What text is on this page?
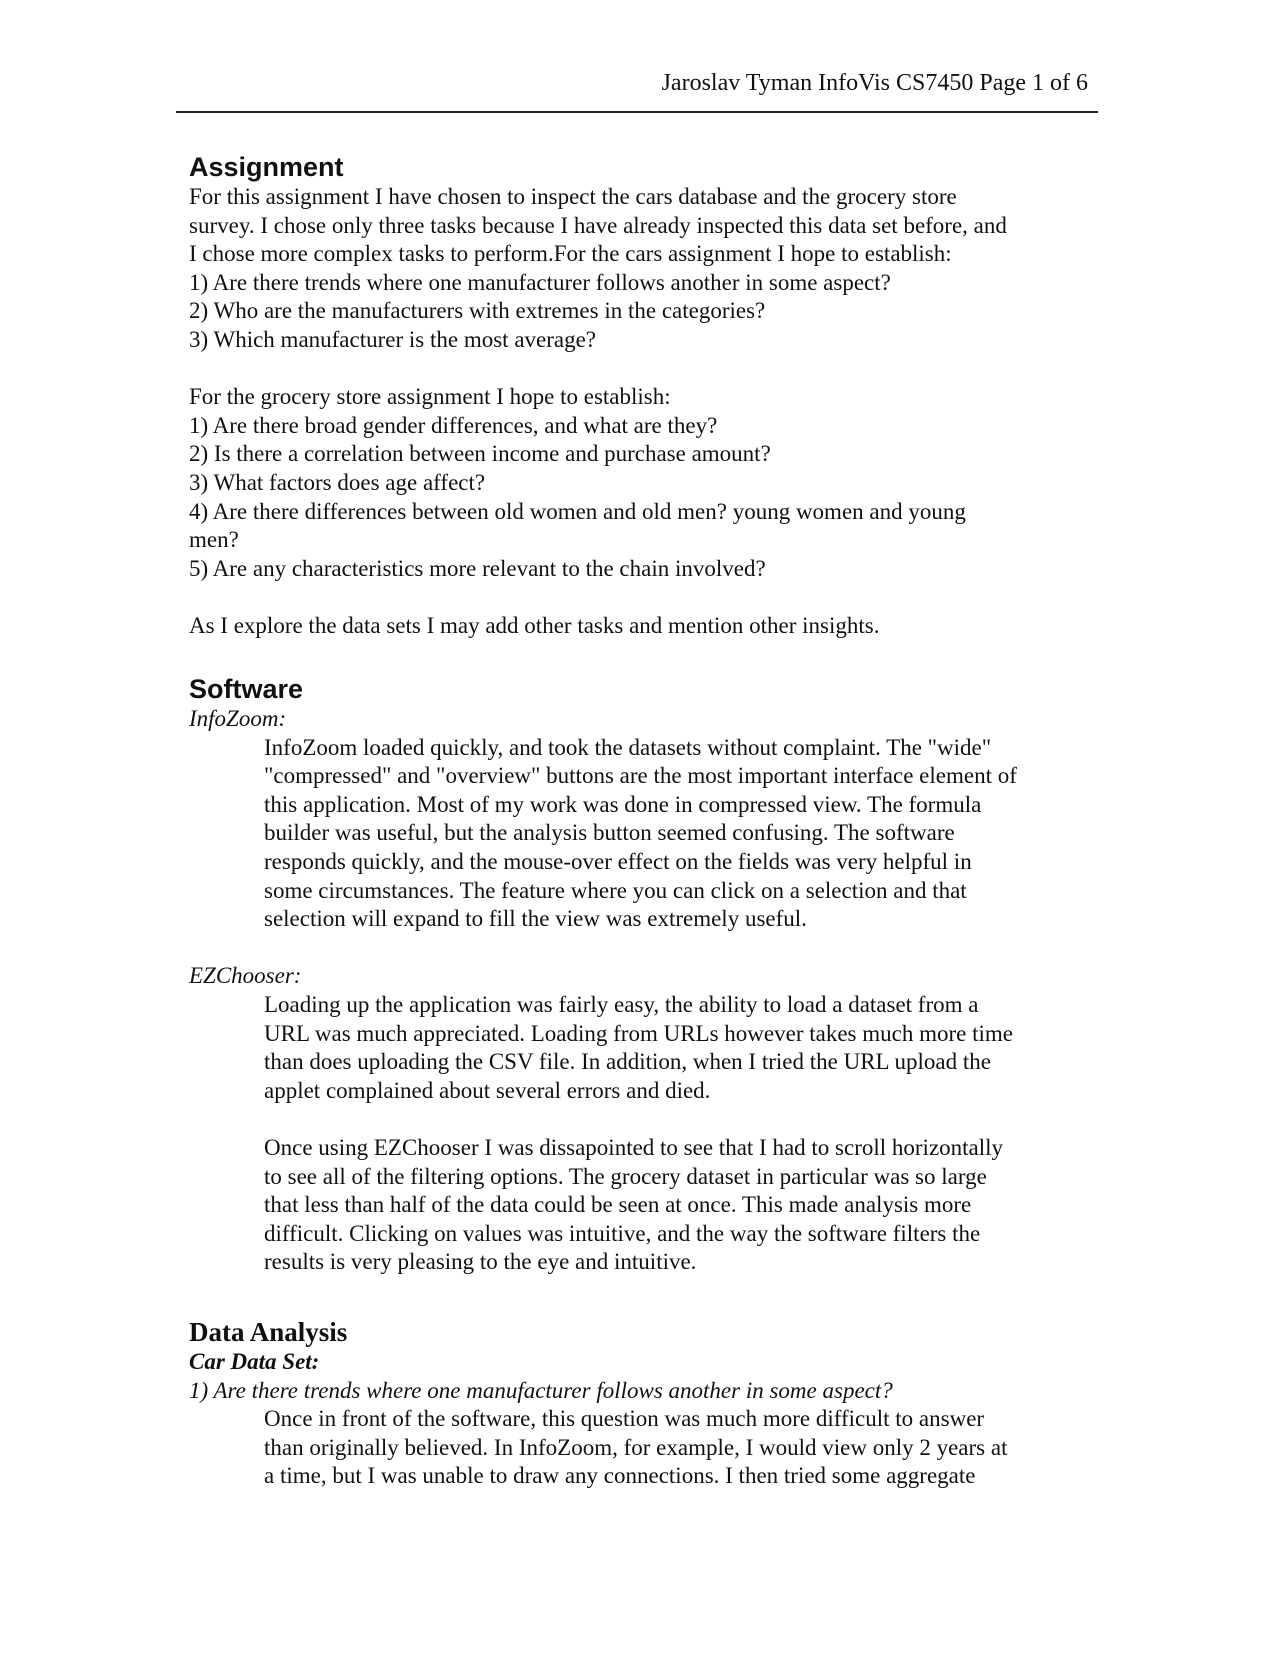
Jaroslav Tyman InfoVis CS7450 Page 1 of 6
Assignment

For this assignment I have chosen to inspect the cars database and the grocery store

survey. I chose only three tasks because I have already inspected this data set before, and

I chose more complex tasks to perform.For the cars assignment I hope to establish:

1) Are there trends where one manufacturer follows another in some aspect?

2) Who are the manufacturers with extremes in the categories?

3) Which manufacturer is the most average?

For the grocery store assignment I hope to establish:

1) Are there broad gender differences, and what are they?

2) Is there a correlation between income and purchase amount?

3) What factors does age affect?

4) Are there differences between old women and old men? young women and young

men?

5) Are any characteristics more relevant to the chain involved?

As I explore the data sets I may add other tasks and mention other insights.

Software

InfoZoom:

InfoZoom loaded quickly, and took the datasets without complaint. The "wide"

"compressed" and "overview" buttons are the most important interface element of

this application. Most of my work was done in compressed view. The formula

builder was useful, but the analysis button seemed confusing. The software

responds quickly, and the mouse-over effect on the fields was very helpful in

some circumstances. The feature where you can click on a selection and that

selection will expand to fill the view was extremely useful.

EZChooser:

Loading up the application was fairly easy, the ability to load a dataset from a

URL was much appreciated. Loading from URLs however takes much more time

than does uploading the CSV file. In addition, when I tried the URL upload the

applet complained about several errors and died.

Once using EZChooser I was dissapointed to see that I had to scroll horizontally

to see all of the filtering options. The grocery dataset in particular was so large

that less than half of the data could be seen at once. This made analysis more

difficult. Clicking on values was intuitive, and the way the software filters the

results is very pleasing to the eye and intuitive.

Data Analysis

Car Data Set:

1) Are there trends where one manufacturer follows another in some aspect?

Once in front of the software, this question was much more difficult to answer

than originally believed. In InfoZoom, for example, I would view only 2 years at

a time, but I was unable to draw any connections. I then tried some aggregate
